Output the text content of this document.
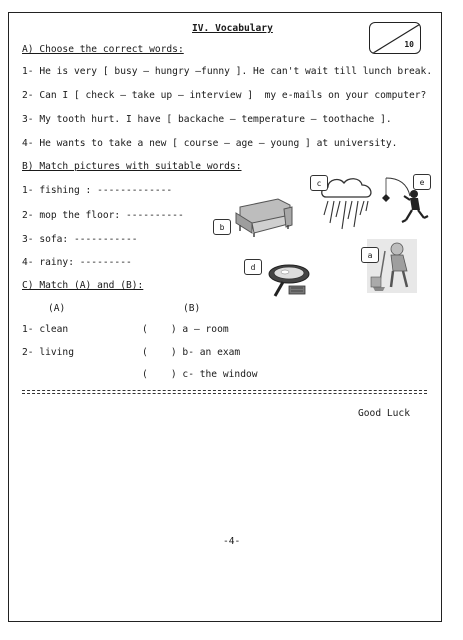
IV. Vocabulary
10
A) Choose the correct words:
1- He is very [ busy – hungry –funny ]. He can't wait till lunch break.
2- Can I [ check – take up – interview ]  my e-mails on your computer?
3- My tooth hurt. I have [ backache – temperature – toothache ].
4- He wants to take a new [ course – age – young ] at university.
B) Match pictures with suitable words:
1- fishing : -------------
2- mop the floor: ----------
3- sofa: -----------
4- rainy: ---------
b
c	e
d
a
C) Match (A) and (B):
(A)	(B)
1- clean
2- living
(    ) a – room
(    ) b- an exam
(    ) c- the window
Good Luck
-4-
